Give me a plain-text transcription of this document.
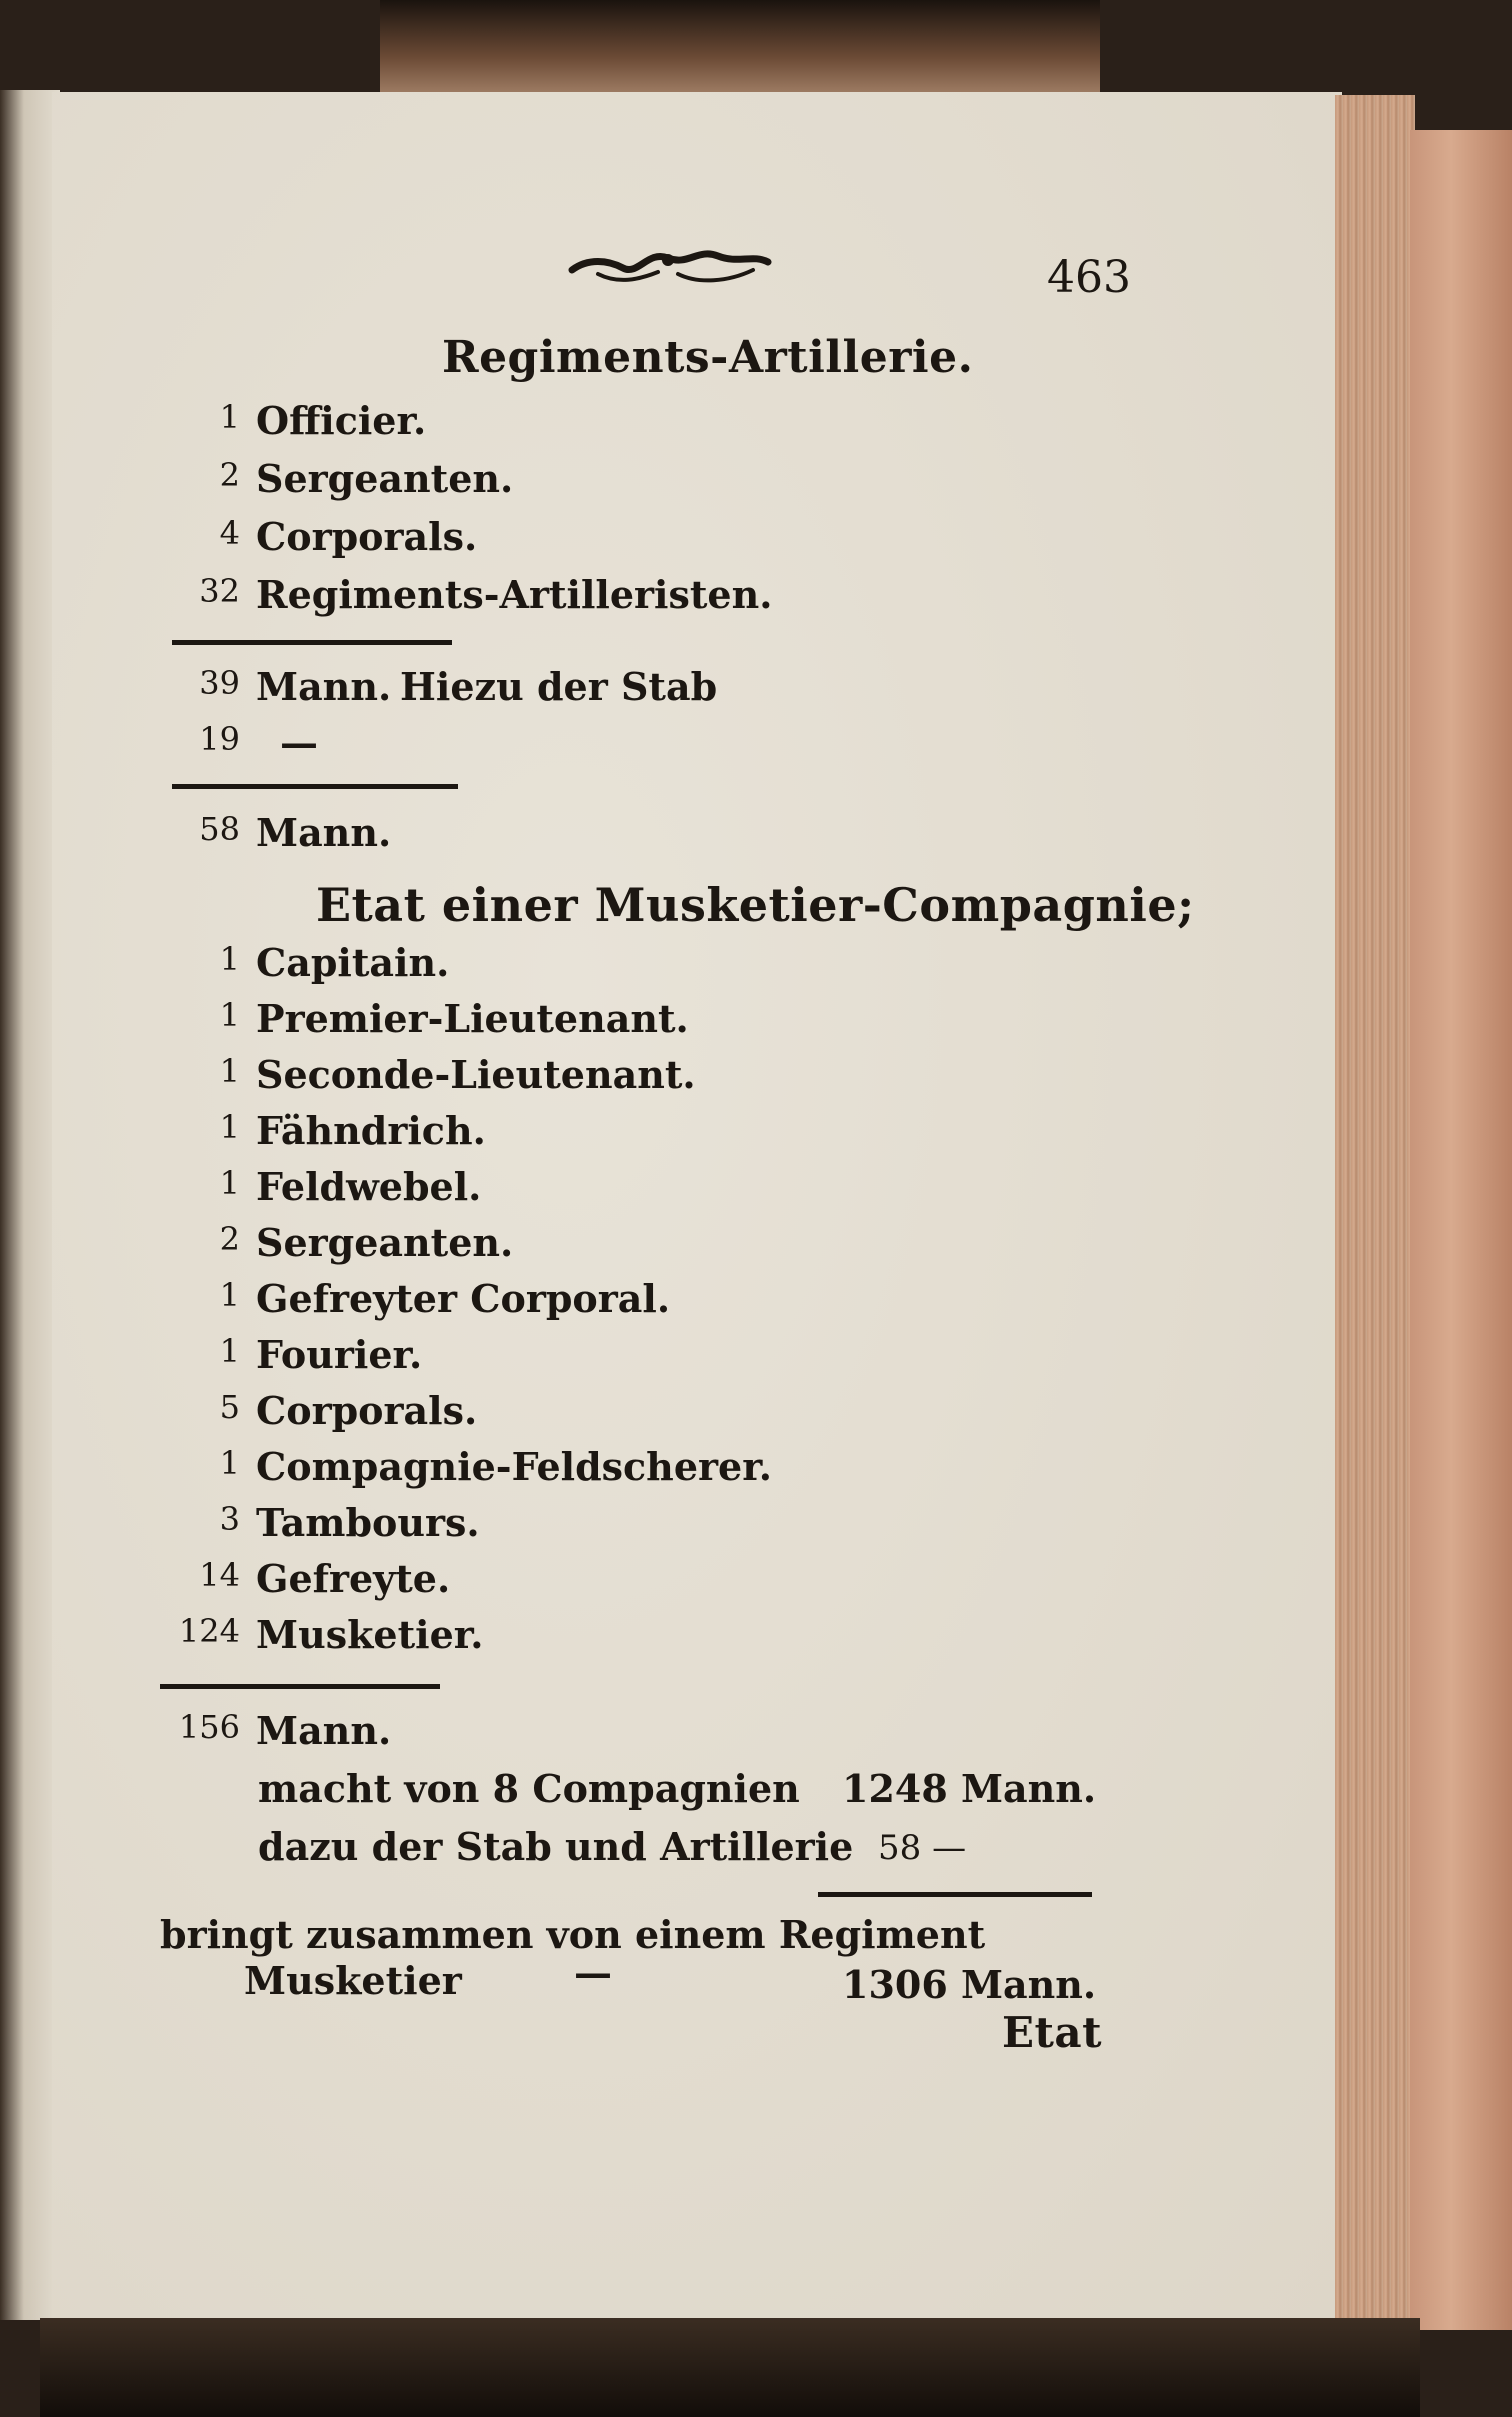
463
Regiments-Artillerie.
1 Officier.
2 Sergeanten.
4 Corporals.
32 Regiments-Artilleristen.
39 Mann. Hiezu der Stab
19 —
58 Mann.
Etat einer Musketier-Compagnie;
1 Capitain.
1 Premier-Lieutenant.
1 Seconde-Lieutenant.
1 Fähndrich.
1 Feldwebel.
2 Sergeanten.
1 Gefreyter Corporal.
1 Fourier.
5 Corporals.
1 Compagnie-Feldscherer.
3 Tambours.
14 Gefreyte.
124 Musketier.
156 Mann.
macht von 8 Compagnien 1248 Mann.
dazu der Stab und Artillerie 58 —
bringt zusammen von einem Regiment
Musketier	—	1306 Mann.
Etat
